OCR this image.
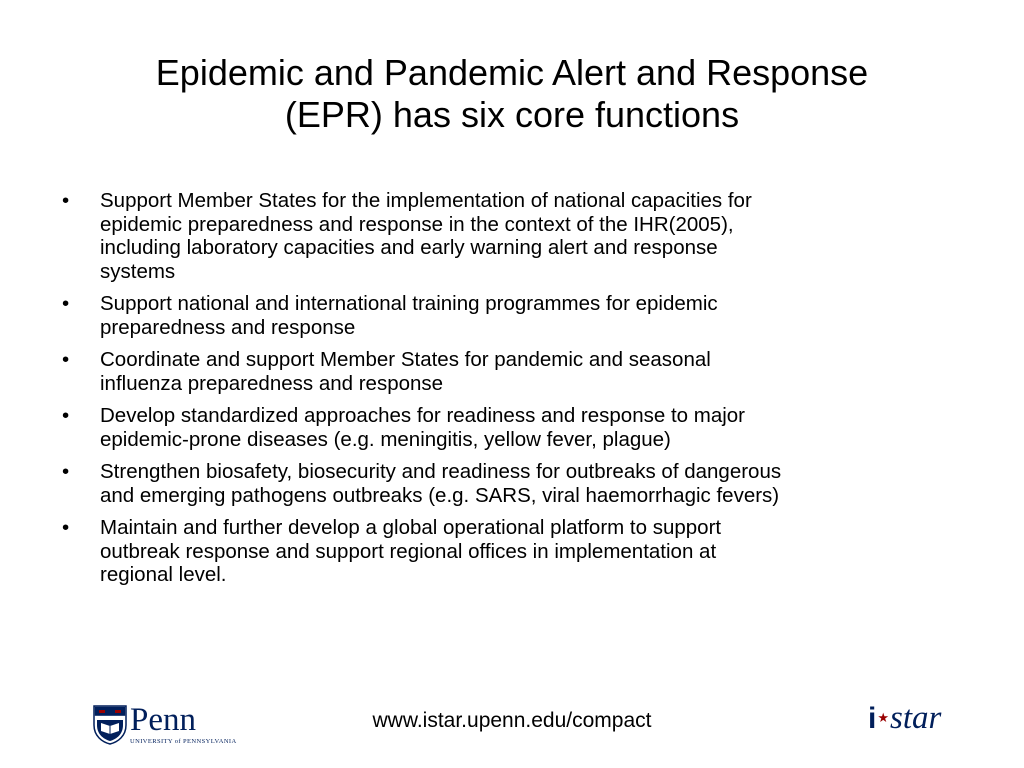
Epidemic and Pandemic Alert and Response
(EPR) has six core functions
•	Support Member States for the implementation of national capacities for
epidemic preparedness and response in the context of the IHR(2005),
including laboratory capacities and early warning alert and response
systems
•	Support national and international training programmes for epidemic
preparedness and response
•	Coordinate and support Member States for pandemic and seasonal
influenza preparedness and response
•	Develop standardized approaches for readiness and response to major
epidemic-prone diseases (e.g. meningitis, yellow fever, plague)
•	Strengthen biosafety, biosecurity and readiness for outbreaks of dangerous
and emerging pathogens outbreaks (e.g. SARS, viral haemorrhagic fevers)
•	Maintain and further develop a global operational platform to support
outbreak response and support regional offices in implementation at
regional level.
Penn
UNIVERSITY of PENNSYLVANIA
www.istar.upenn.edu/compact	i★star
